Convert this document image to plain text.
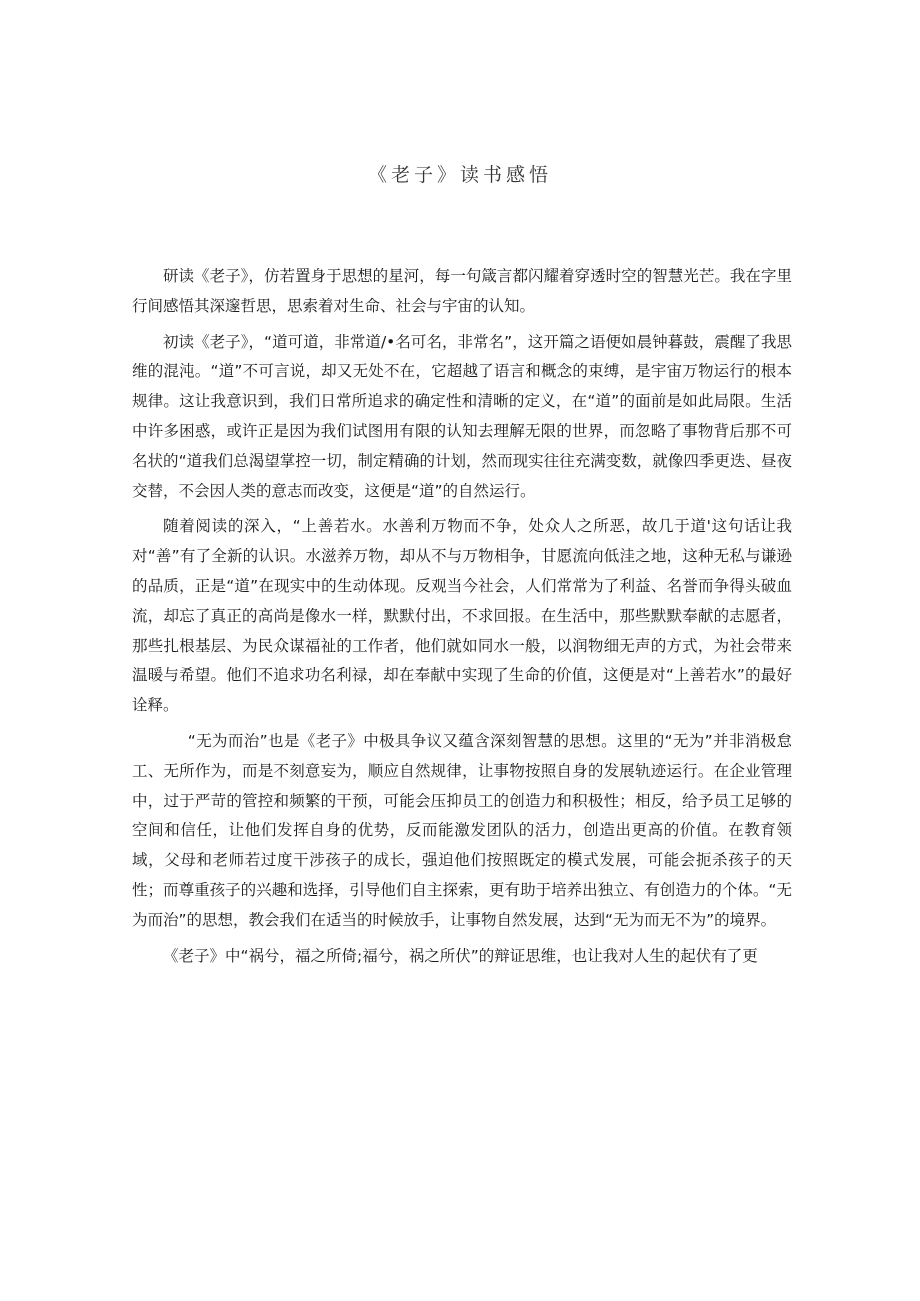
《老子》读书感悟

研读《老子》，仿若置身于思想的星河，每一句箴言都闪耀着穿透时空的智慧光芒。我在字里行间感悟其深邃哲思，思索着对生命、社会与宇宙的认知。

初读《老子》，“道可道，非常道/•名可名，非常名”，这开篇之语便如晨钟暮鼓，震醒了我思维的混沌。“道”不可言说，却又无处不在，它超越了语言和概念的束缚，是宇宙万物运行的根本规律。这让我意识到，我们日常所追求的确定性和清晰的定义，在“道”的面前是如此局限。生活中许多困惑，或许正是因为我们试图用有限的认知去理解无限的世界，而忽略了事物背后那不可名状的“道我们总渴望掌控一切，制定精确的计划，然而现实往往充满变数，就像四季更迭、昼夜交替，不会因人类的意志而改变，这便是“道”的自然运行。

随着阅读的深入，“上善若水。水善利万物而不争，处众人之所恶，故几于道'这句话让我对“善”有了全新的认识。水滋养万物，却从不与万物相争，甘愿流向低洼之地，这种无私与谦逊的品质，正是“道”在现实中的生动体现。反观当今社会，人们常常为了利益、名誉而争得头破血流，却忘了真正的高尚是像水一样，默默付出，不求回报。在生活中，那些默默奉献的志愿者，那些扎根基层、为民众谋福祉的工作者，他们就如同水一般，以润物细无声的方式，为社会带来温暖与希望。他们不追求功名利禄，却在奉献中实现了生命的价值，这便是对“上善若水”的最好诠释。

“无为而治”也是《老子》中极具争议又蕴含深刻智慧的思想。这里的“无为”并非消极怠工、无所作为，而是不刻意妄为，顺应自然规律，让事物按照自身的发展轨迹运行。在企业管理中，过于严苛的管控和频繁的干预，可能会压抑员工的创造力和积极性；相反，给予员工足够的空间和信任，让他们发挥自身的优势，反而能激发团队的活力，创造出更高的价值。在教育领域，父母和老师若过度干涉孩子的成长，强迫他们按照既定的模式发展，可能会扼杀孩子的天性；而尊重孩子的兴趣和选择，引导他们自主探索，更有助于培养出独立、有创造力的个体。“无为而治”的思想，教会我们在适当的时候放手，让事物自然发展，达到“无为而无不为”的境界。

《老子》中“祸兮，福之所倚;福兮，祸之所伏”的辩证思维，也让我对人生的起伏有了更
